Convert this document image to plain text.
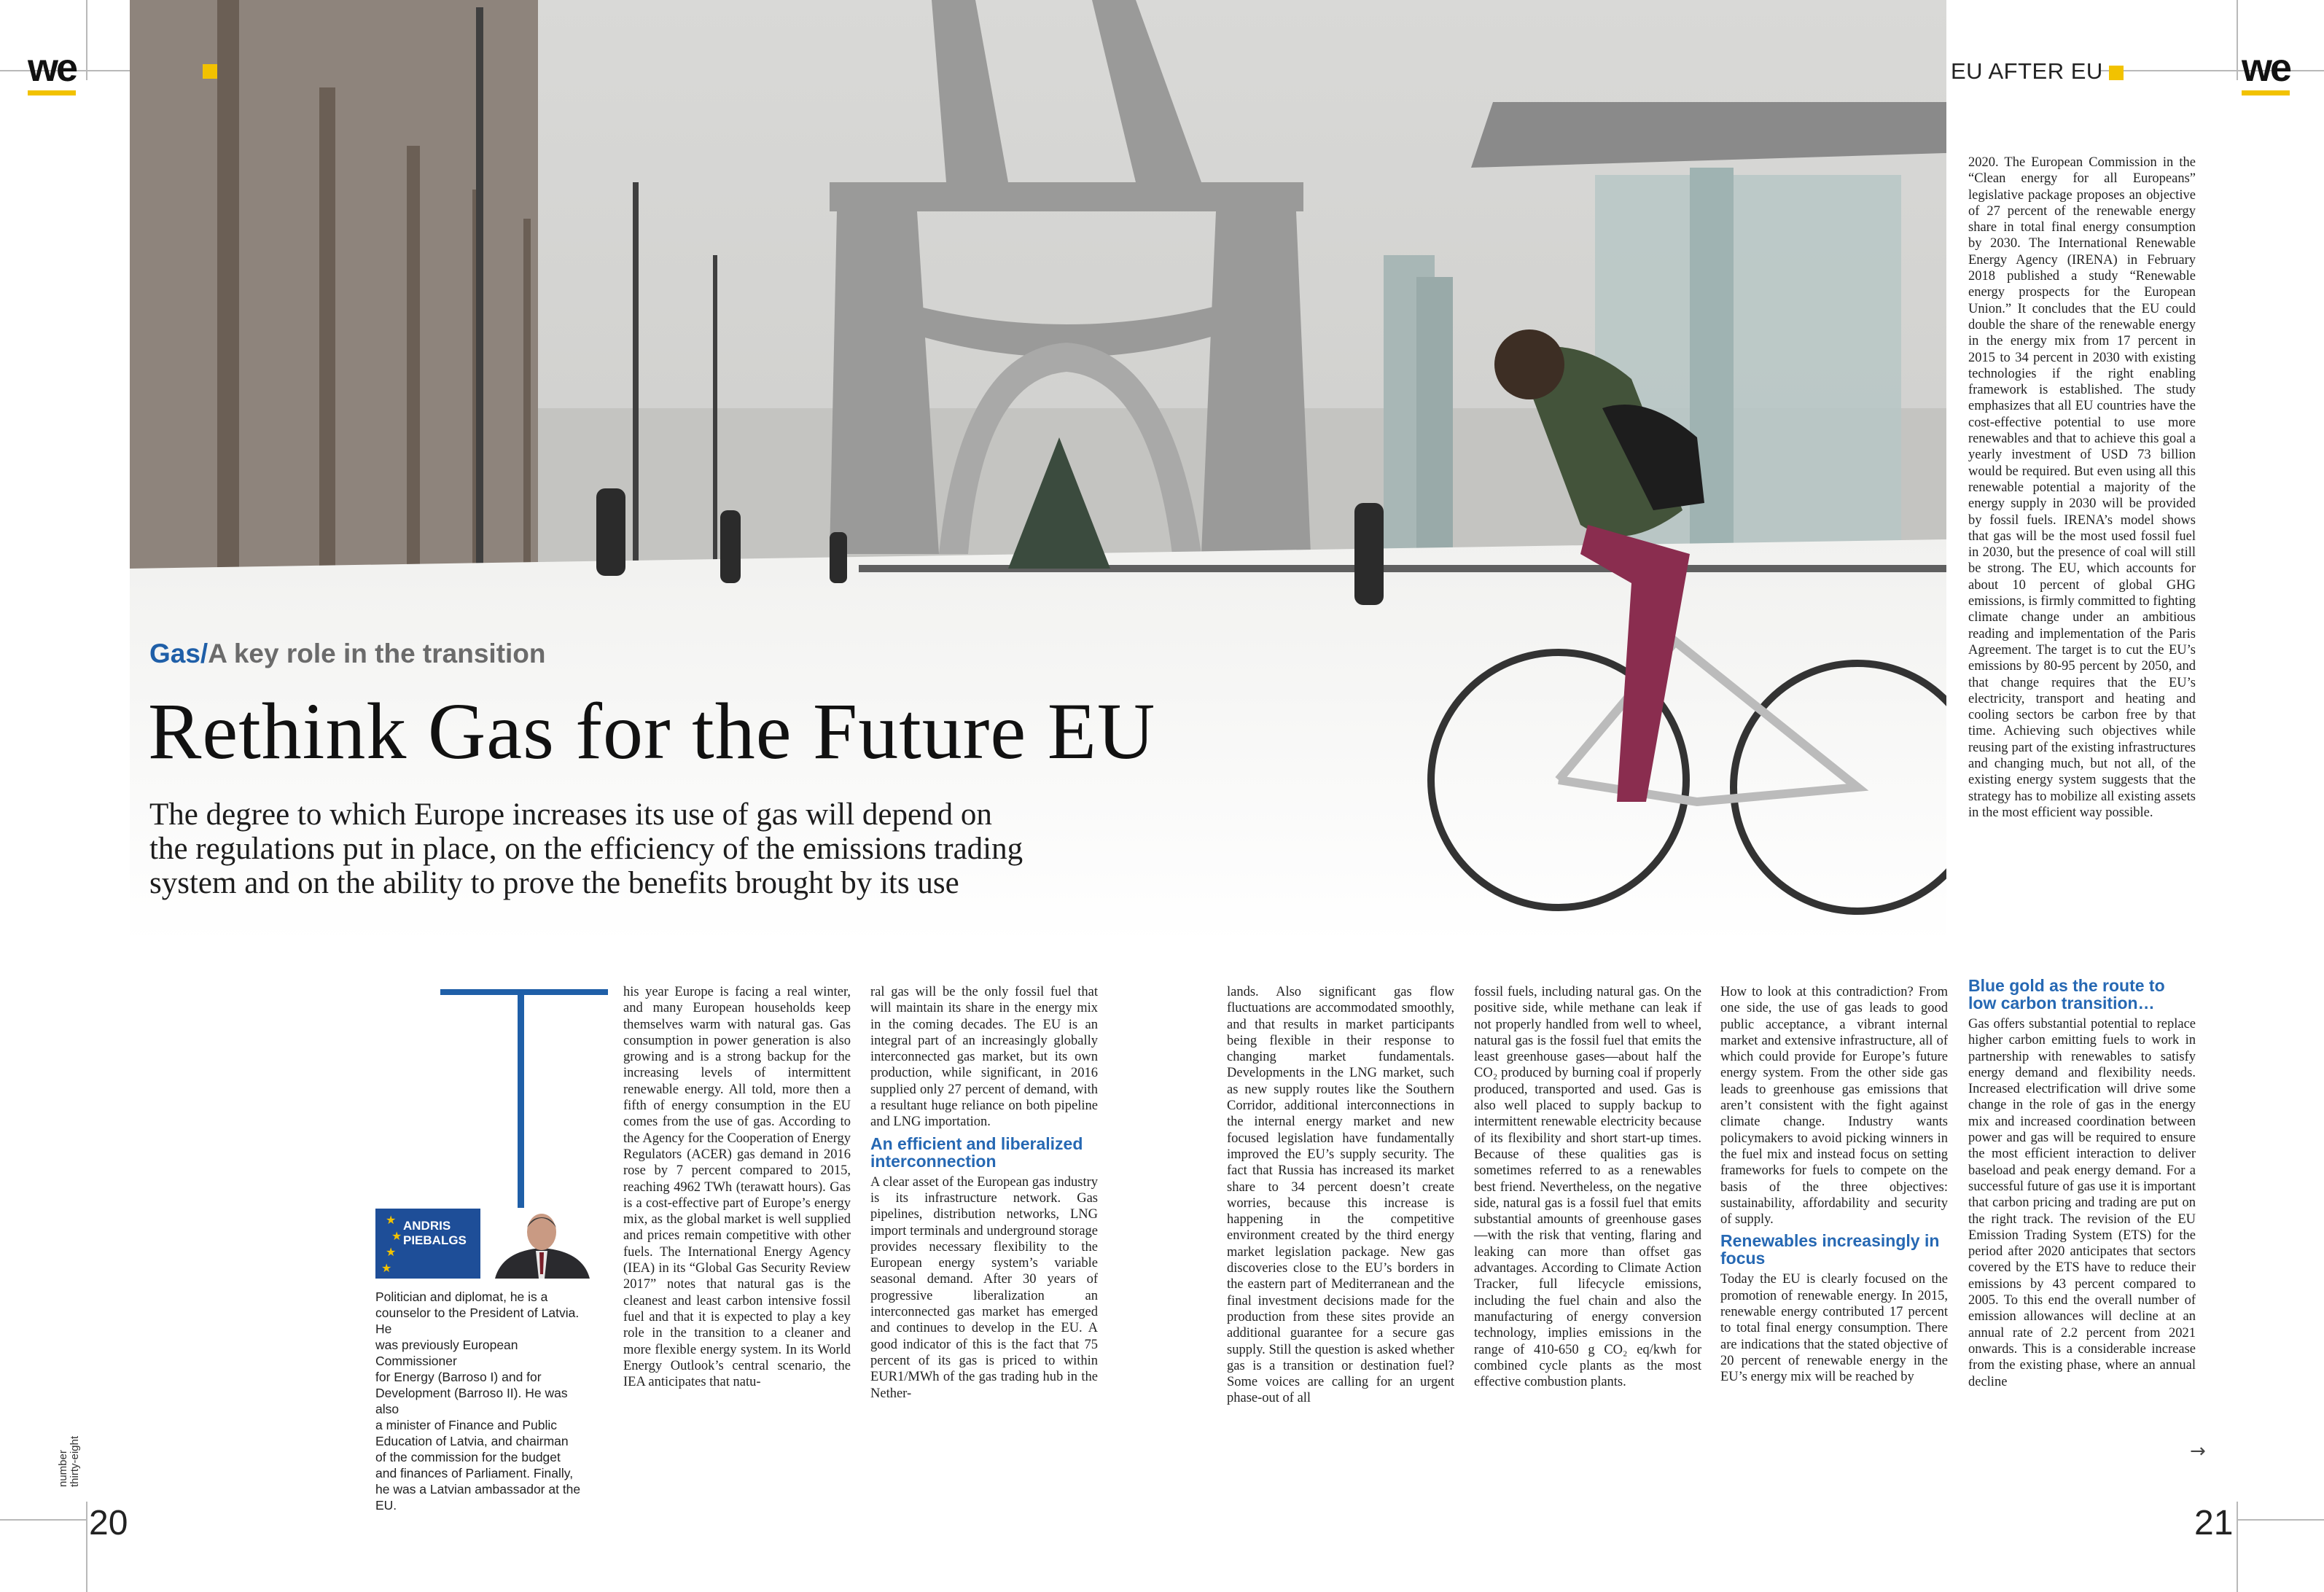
we	EU AFTER EU	we
Gas/A key role in the transition
Rethink Gas for the Future EU
The degree to which Europe increases its use of gas will depend on
the regulations put in place, on the efficiency of the emissions trading
system and on the ability to prove the benefits brought by its use
★
★
★
★
ANDRIS
PIEBALGS
Politician and diplomat, he is a
counselor to the President of Latvia. He
was previously European Commissioner
for Energy (Barroso I) and for
Development (Barroso II). He was also
a minister of Finance and Public
Education of Latvia, and chairman
of the commission for the budget
and finances of Parliament. Finally,
he was a Latvian ambassador at the EU.

his year Europe is facing a real winter, and many European households keep themselves warm with natural gas. Gas consumption in power generation is also growing and is a strong backup for the increasing levels of intermittent renewable energy. All told, more then a fifth of energy consumption in the EU comes from the use of gas. According to the Agency for the Cooperation of Energy Regulators (ACER) gas demand in 2016 rose by 7 percent compared to 2015, reaching 4962 TWh (terawatt hours). Gas is a cost-effective part of Europe’s energy mix, as the global market is well supplied and prices remain competitive with other fuels. The International Energy Agency (IEA) in its “Global Gas Security Review 2017” notes that natural gas is the cleanest and least carbon intensive fossil fuel and that it is expected to play a key role in the transition to a cleaner and more flexible energy system. In its World Energy Outlook’s central scenario, the IEA anticipates that natu-

ral gas will be the only fossil fuel that will maintain its share in the energy mix in the coming decades. The EU is an integral part of an increasingly globally interconnected gas market, but its own production, while significant, in 2016 supplied only 27 percent of demand, with a resultant huge reliance on both pipeline and LNG importation.

An efficient and liberalized interconnection

A clear asset of the European gas industry is its infrastructure network. Gas pipelines, distribution networks, LNG import terminals and underground storage provides necessary flexibility to the European energy system’s variable seasonal demand. After 30 years of progressive liberalization an interconnected gas market has emerged and continues to develop in the EU. A good indicator of this is the fact that 75 percent of its gas is priced to within EUR1/MWh of the gas trading hub in the Nether-

lands. Also significant gas flow fluctuations are accommodated smoothly, and that results in market participants being flexible in their response to changing market fundamentals. Developments in the LNG market, such as new supply routes like the Southern Corridor, additional interconnections in the internal energy market and new focused legislation have fundamentally improved the EU’s supply security. The fact that Russia has increased its market share to 34 percent doesn’t create worries, because this increase is happening in the competitive environment created by the third energy market legislation package. New gas discoveries close to the EU’s borders in the eastern part of Mediterranean and the final investment decisions made for the production from these sites provide an additional guarantee for a secure gas supply. Still the question is asked whether gas is a transition or destination fuel? Some voices are calling for an urgent phase-out of all

fossil fuels, including natural gas. On the positive side, while methane can leak if not properly handled from well to wheel, natural gas is the fossil fuel that emits the least greenhouse gases—about half the CO₂ produced by burning coal if properly produced, transported and used. Gas is also well placed to supply backup to intermittent renewable electricity because of its flexibility and short start-up times. Because of these qualities gas is sometimes referred to as a renewables best friend. Nevertheless, on the negative side, natural gas is a fossil fuel that emits substantial amounts of greenhouse gases—with the risk that venting, flaring and leaking can more than offset gas advantages. According to Climate Action Tracker, full lifecycle emissions, including the fuel chain and also the manufacturing of energy conversion technology, implies emissions in the range of 410-650 g CO₂ eq/kwh for combined cycle plants as the most effective combustion plants.

How to look at this contradiction? From one side, the use of gas leads to good public acceptance, a vibrant internal market and extensive infrastructure, all of which could provide for Europe’s future energy system. From the other side gas leads to greenhouse gas emissions that aren’t consistent with the fight against climate change. Industry wants policymakers to avoid picking winners in the fuel mix and instead focus on setting frameworks for fuels to compete on the basis of the three objectives: sustainability, affordability and security of supply.

Renewables increasingly in focus

Today the EU is clearly focused on the promotion of renewable energy. In 2015, renewable energy contributed 17 percent to total final energy consumption. There are indications that the stated objective of 20 percent of renewable energy in the EU’s energy mix will be reached by

2020. The European Commission in the “Clean energy for all Europeans” legislative package proposes an objective of 27 percent of the renewable energy share in total final energy consumption by 2030. The International Renewable Energy Agency (IRENA) in February 2018 published a study “Renewable energy prospects for the European Union.” It concludes that the EU could double the share of the renewable energy in the energy mix from 17 percent in 2015 to 34 percent in 2030 with existing technologies if the right enabling framework is established. The study emphasizes that all EU countries have the cost-effective potential to use more renewables and that to achieve this goal a yearly investment of USD 73 billion would be required. But even using all this renewable potential a majority of the energy supply in 2030 will be provided by fossil fuels. IRENA’s model shows that gas will be the most used fossil fuel in 2030, but the presence of coal will still be strong. The EU, which accounts for about 10 percent of global GHG emissions, is firmly committed to fighting climate change under an ambitious reading and implementation of the Paris Agreement. The target is to cut the EU’s emissions by 80-95 percent by 2050, and that change requires that the EU’s electricity, transport and heating and cooling sectors be carbon free by that time. Achieving such objectives while reusing part of the existing infrastructures and changing much, but not all, of the existing energy system suggests that the strategy has to mobilize all existing assets in the most efficient way possible.

Blue gold as the route to low carbon transition…

Gas offers substantial potential to replace higher carbon emitting fuels to work in partnership with renewables to satisfy energy demand and flexibility needs. Increased electrification will drive some change in the role of gas in the energy mix and increased coordination between power and gas will be required to ensure the most efficient interaction to deliver baseload and peak energy demand. For a successful future of gas use it is important that carbon pricing and trading are put on the right track. The revision of the EU Emission Trading System (ETS) for the period after 2020 anticipates that sectors covered by the ETS have to reduce their emissions by 43 percent compared to 2005. To this end the overall number of emission allowances will decline at an annual rate of 2.2 percent from 2021 onwards. This is a considerable increase from the existing phase, where an annual decline

→
number thirty-eight
20	21
